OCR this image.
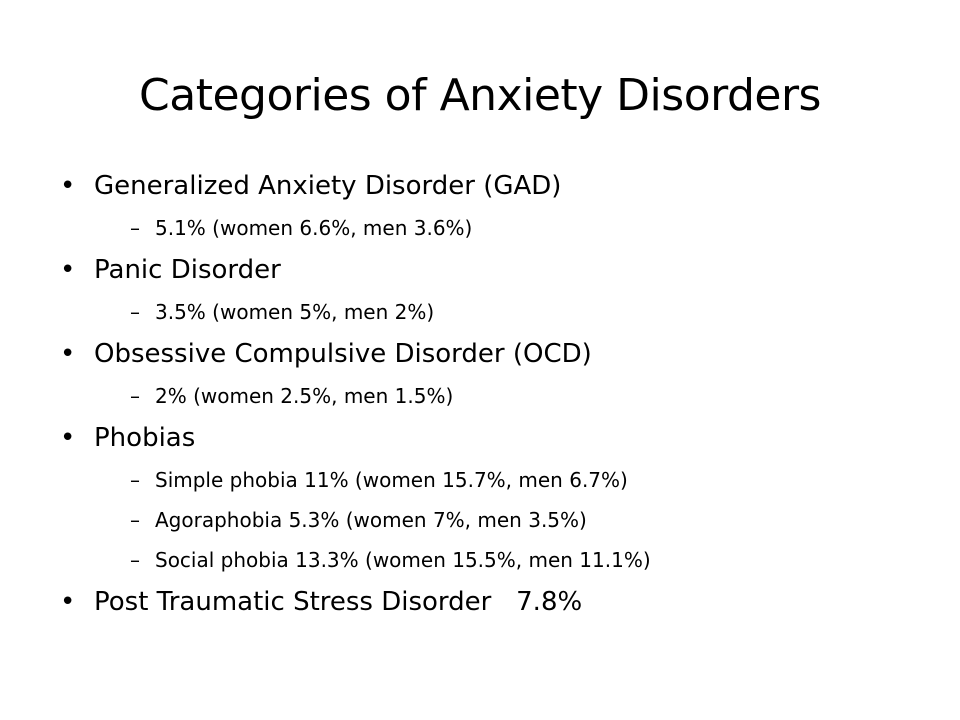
Categories of Anxiety Disorders
• Generalized Anxiety Disorder (GAD)
– 5.1% (women 6.6%, men 3.6%)
• Panic Disorder
– 3.5% (women 5%, men 2%)
• Obsessive Compulsive Disorder (OCD)
– 2% (women 2.5%, men 1.5%)
• Phobias
– Simple phobia 11% (women 15.7%, men 6.7%)
– Agoraphobia 5.3% (women 7%, men 3.5%)
– Social phobia 13.3% (women 15.5%, men 11.1%)
• Post Traumatic Stress Disorder   7.8%
